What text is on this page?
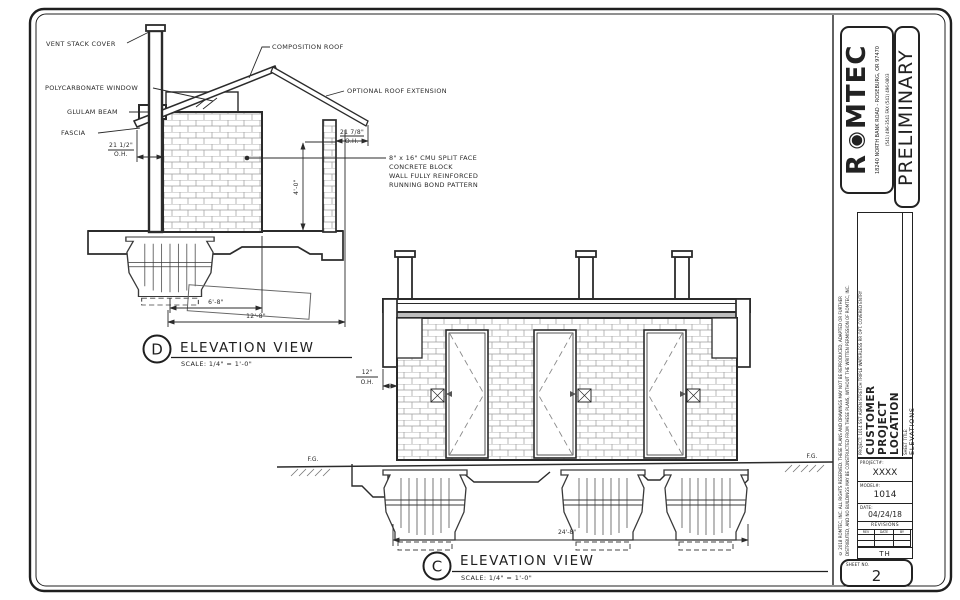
VENT STACK COVER	COMPOSITION ROOF
OPTIONAL ROOF EXTENSION
POLYCARBONATE WINDOW
GLULAM BEAM
FASCIA
8" x 16" CMU SPLIT FACE
CONCRETE BLOCK
WALL FULLY REINFORCED
RUNNING BOND PATTERN
21 1/2"
O.H.
21 7/8"
O.H.
6'-8"
12'-8"
4'-0"
D ELEVATION VIEW
SCALE: 1/4" = 1'-0"
12"
O.H.
24'-8"
F.G.	F.G.
C ELEVATION VIEW
SCALE: 1/4" = 1'-0"
R◉MTEC 18240 NORTH BANK ROAD - ROSEBURG, OR 97470	(541) 496-3541 FAX (541) 496-0803 PRELIMINARY
© 2018 ROMTEC, INC. ALL RIGHTS RESERVED. THESE PLANS AND DRAWINGS MAY NOT BE REPRODUCED, ADAPTED OR FURTHER DISTRIBUTED, AND NO BUILDINGS MAY BE CONSTRUCTED FROM THESE PLANS, WITHOUT THE WRITTEN PERMISSION OF ROMTEC, INC.	PROJECT: 1014 SST ASPEN STRETCH TRIPLE WATERLESS RR OPT. COVERED ENTRY CUSTOMER PROJECT LOCATION SHEET TITLE: ELEVATIONS
PROJECT#:
XXXX
MODEL#:
1014
DATE:
04/24/18
REVISIONS
REV	DATE	BY
TH
SHEET NO.
2
